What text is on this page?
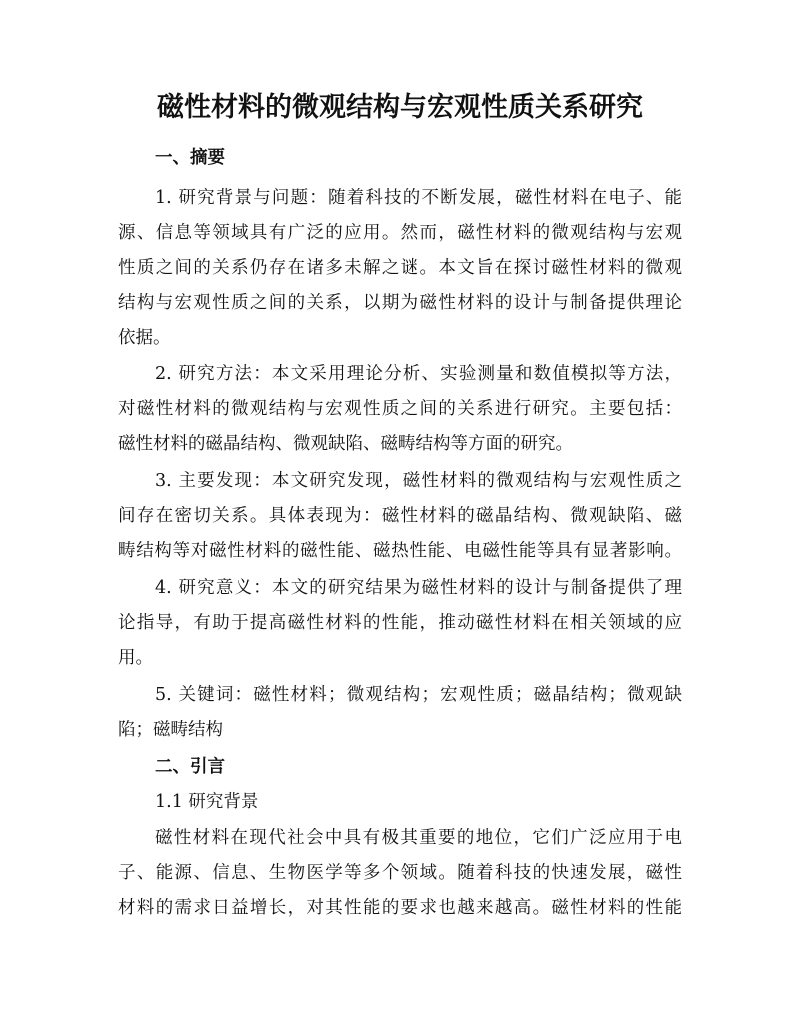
磁性材料的微观结构与宏观性质关系研究
一、摘要

1. 研究背景与问题：随着科技的不断发展，磁性材料在电子、能

源、信息等领域具有广泛的应用。然而，磁性材料的微观结构与宏观

性质之间的关系仍存在诸多未解之谜。本文旨在探讨磁性材料的微观

结构与宏观性质之间的关系，以期为磁性材料的设计与制备提供理论

依据。

2. 研究方法：本文采用理论分析、实验测量和数值模拟等方法，

对磁性材料的微观结构与宏观性质之间的关系进行研究。主要包括：

磁性材料的磁晶结构、微观缺陷、磁畴结构等方面的研究。

3. 主要发现：本文研究发现，磁性材料的微观结构与宏观性质之

间存在密切关系。具体表现为：磁性材料的磁晶结构、微观缺陷、磁

畴结构等对磁性材料的磁性能、磁热性能、电磁性能等具有显著影响。

4. 研究意义：本文的研究结果为磁性材料的设计与制备提供了理

论指导，有助于提高磁性材料的性能，推动磁性材料在相关领域的应

用。

5. 关键词：磁性材料；微观结构；宏观性质；磁晶结构；微观缺

陷；磁畴结构

二、引言

1.1 研究背景

磁性材料在现代社会中具有极其重要的地位，它们广泛应用于电

子、能源、信息、生物医学等多个领域。随着科技的快速发展，磁性

材料的需求日益增长，对其性能的要求也越来越高。磁性材料的性能
